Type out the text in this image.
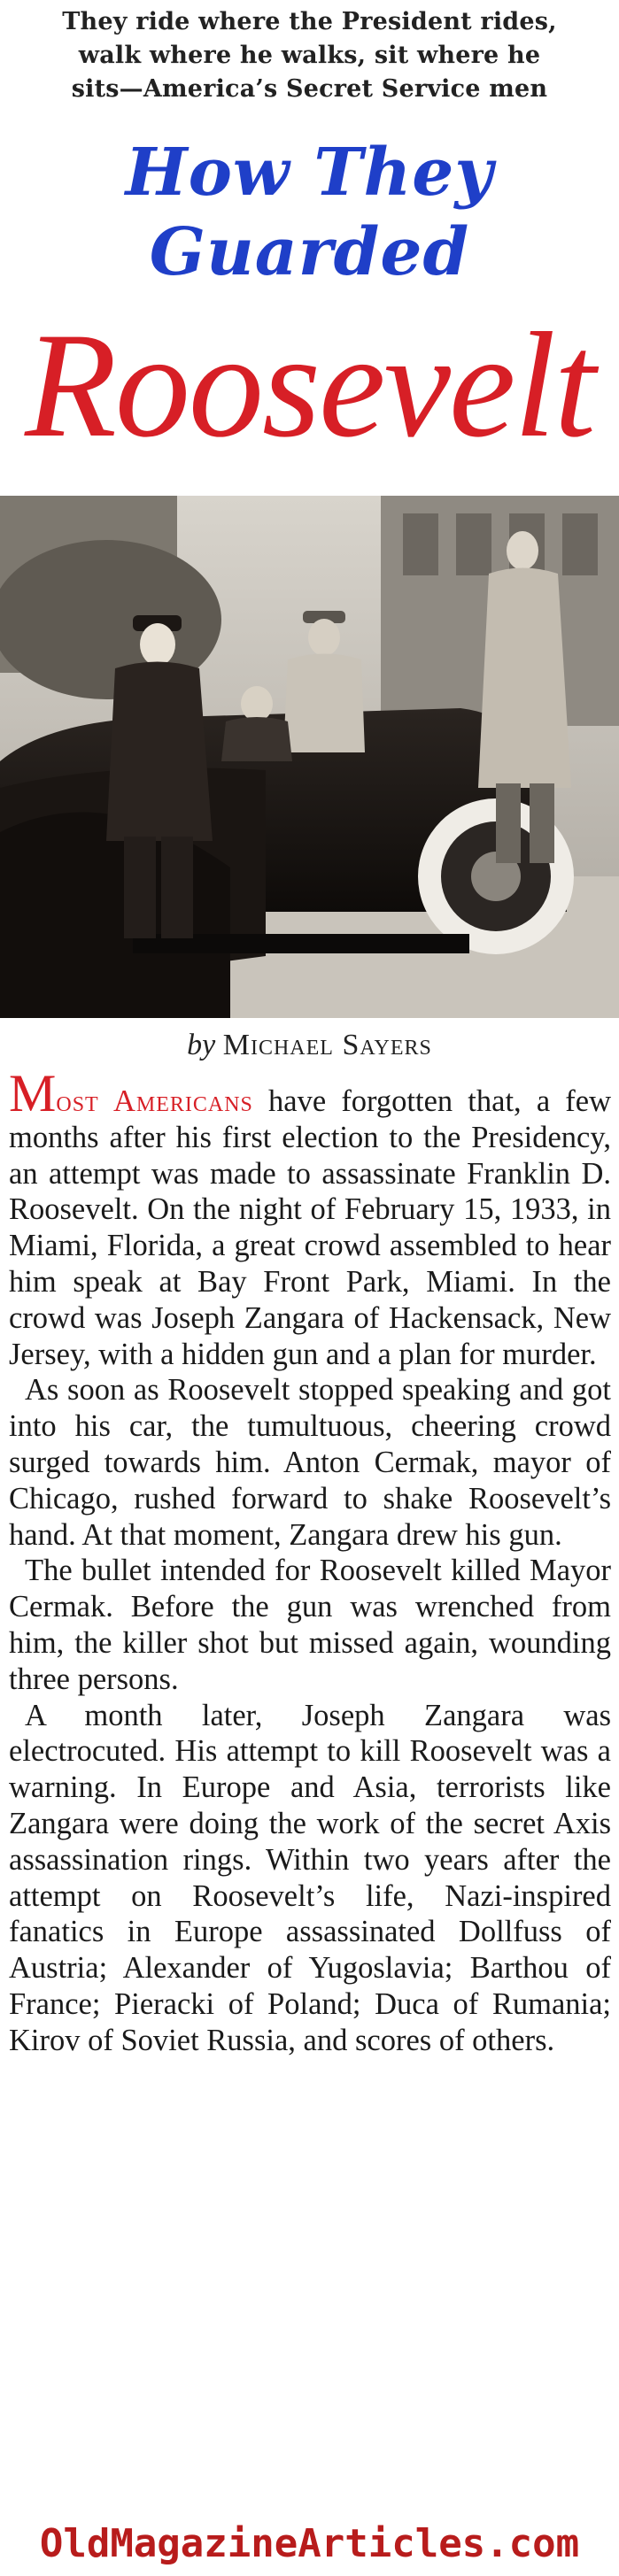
They ride where the President rides,
walk where he walks, sit where he
sits—America’s Secret Service men
How They
Guarded
Roosevelt
by Michael Sayers

Most Americans have forgotten that, a few months after his first election to the Presidency, an attempt was made to assassinate Franklin D. Roosevelt. On the night of February 15, 1933, in Miami, Florida, a great crowd assembled to hear him speak at Bay Front Park, Miami. In the crowd was Joseph Zangara of Hackensack, New Jersey, with a hidden gun and a plan for murder.

As soon as Roosevelt stopped speaking and got into his car, the tumultuous, cheering crowd surged towards him. Anton Cermak, mayor of Chicago, rushed forward to shake Roosevelt’s hand. At that moment, Zangara drew his gun.

The bullet intended for Roosevelt killed Mayor Cermak. Before the gun was wrenched from him, the killer shot but missed again, wounding three persons.

A month later, Joseph Zangara was electrocuted. His attempt to kill Roosevelt was a warning. In Europe and Asia, terrorists like Zangara were doing the work of the secret Axis assassination rings. Within two years after the attempt on Roosevelt’s life, Nazi-inspired fanatics in Europe assassinated Dollfuss of Austria; Alexander of Yugoslavia; Barthou of France; Pieracki of Poland; Duca of Rumania; Kirov of Soviet Russia, and scores of others.

OldMagazineArticles.com
